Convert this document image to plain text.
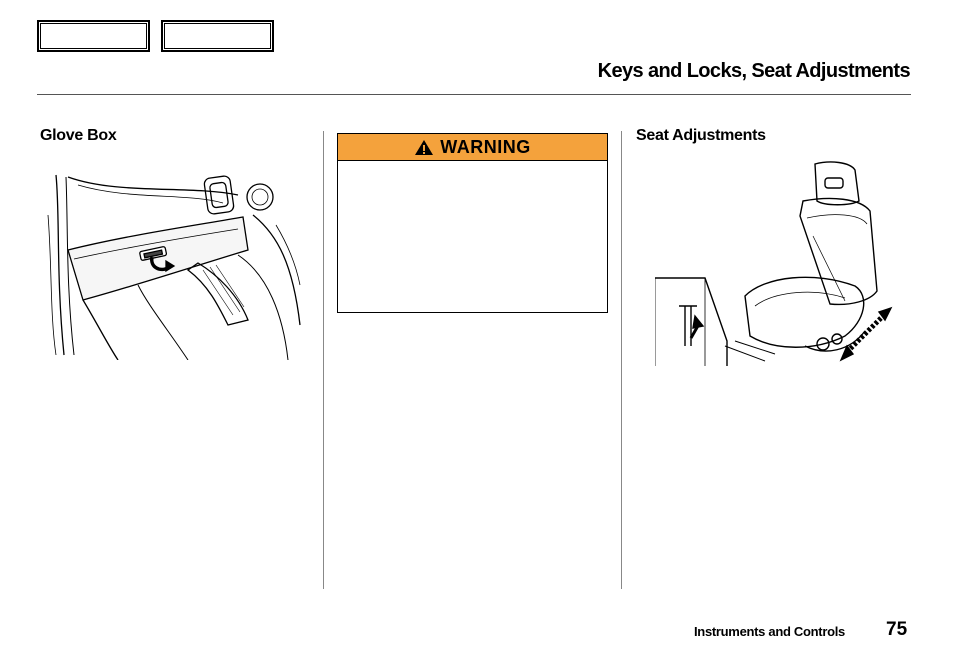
Keys and Locks, Seat Adjustments
Glove Box
WARNING
Seat Adjustments
Instruments and Controls 75
